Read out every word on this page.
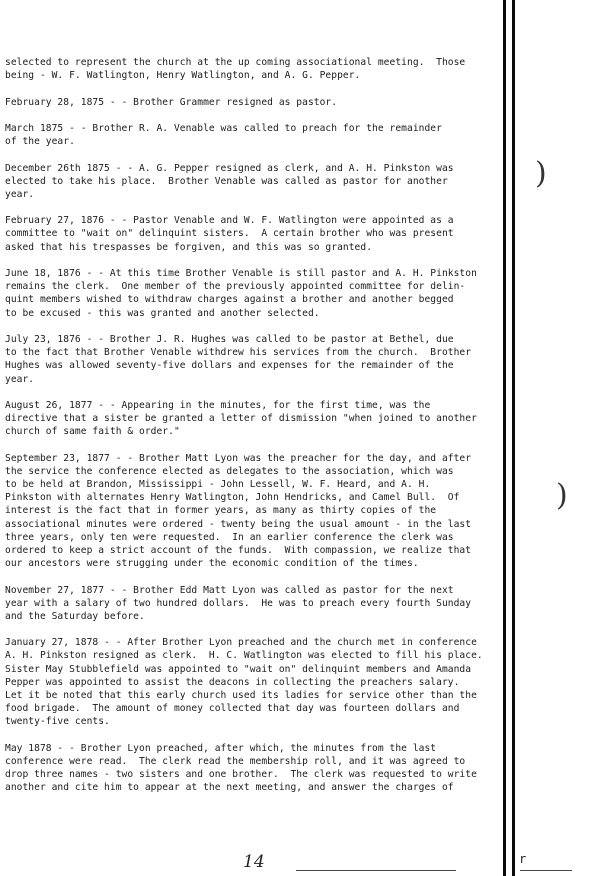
selected to represent the church at the up coming associational meeting.  Those
being - W. F. Watlington, Henry Watlington, and A. G. Pepper.
February 28, 1875 - - Brother Grammer resigned as pastor.
March 1875 - - Brother R. A. Venable was called to preach for the remainder
of the year.
December 26th 1875 - - A. G. Pepper resigned as clerk, and A. H. Pinkston was
elected to take his place.  Brother Venable was called as pastor for another
year.
February 27, 1876 - - Pastor Venable and W. F. Watlington were appointed as a
committee to "wait on" delinquint sisters.  A certain brother who was present
asked that his trespasses be forgiven, and this was so granted.
June 18, 1876 - - At this time Brother Venable is still pastor and A. H. Pinkston
remains the clerk.  One member of the previously appointed committee for delin-
quint members wished to withdraw charges against a brother and another begged
to be excused - this was granted and another selected.
July 23, 1876 - - Brother J. R. Hughes was called to be pastor at Bethel, due
to the fact that Brother Venable withdrew his services from the church.  Brother
Hughes was allowed seventy-five dollars and expenses for the remainder of the
year.
August 26, 1877 - - Appearing in the minutes, for the first time, was the
directive that a sister be granted a letter of dismission "when joined to another
church of same faith & order."
September 23, 1877 - - Brother Matt Lyon was the preacher for the day, and after
the service the conference elected as delegates to the association, which was
to be held at Brandon, Mississippi - John Lessell, W. F. Heard, and A. H.
Pinkston with alternates Henry Watlington, John Hendricks, and Camel Bull.  Of
interest is the fact that in former years, as many as thirty copies of the
associational minutes were ordered - twenty being the usual amount - in the last
three years, only ten were requested.  In an earlier conference the clerk was
ordered to keep a strict account of the funds.  With compassion, we realize that
our ancestors were strugging under the economic condition of the times.
November 27, 1877 - - Brother Edd Matt Lyon was called as pastor for the next
year with a salary of two hundred dollars.  He was to preach every fourth Sunday
and the Saturday before.
January 27, 1878 - - After Brother Lyon preached and the church met in conference
A. H. Pinkston resigned as clerk.  H. C. Watlington was elected to fill his place.
Sister May Stubblefield was appointed to "wait on" delinquint members and Amanda
Pepper was appointed to assist the deacons in collecting the preachers salary.
Let it be noted that this early church used its ladies for service other than the
food brigade.  The amount of money collected that day was fourteen dollars and
twenty-five cents.
May 1878 - - Brother Lyon preached, after which, the minutes from the last
conference were read.  The clerk read the membership roll, and it was agreed to
drop three names - two sisters and one brother.  The clerk was requested to write
another and cite him to appear at the next meeting, and answer the charges of
)
)
14	r
